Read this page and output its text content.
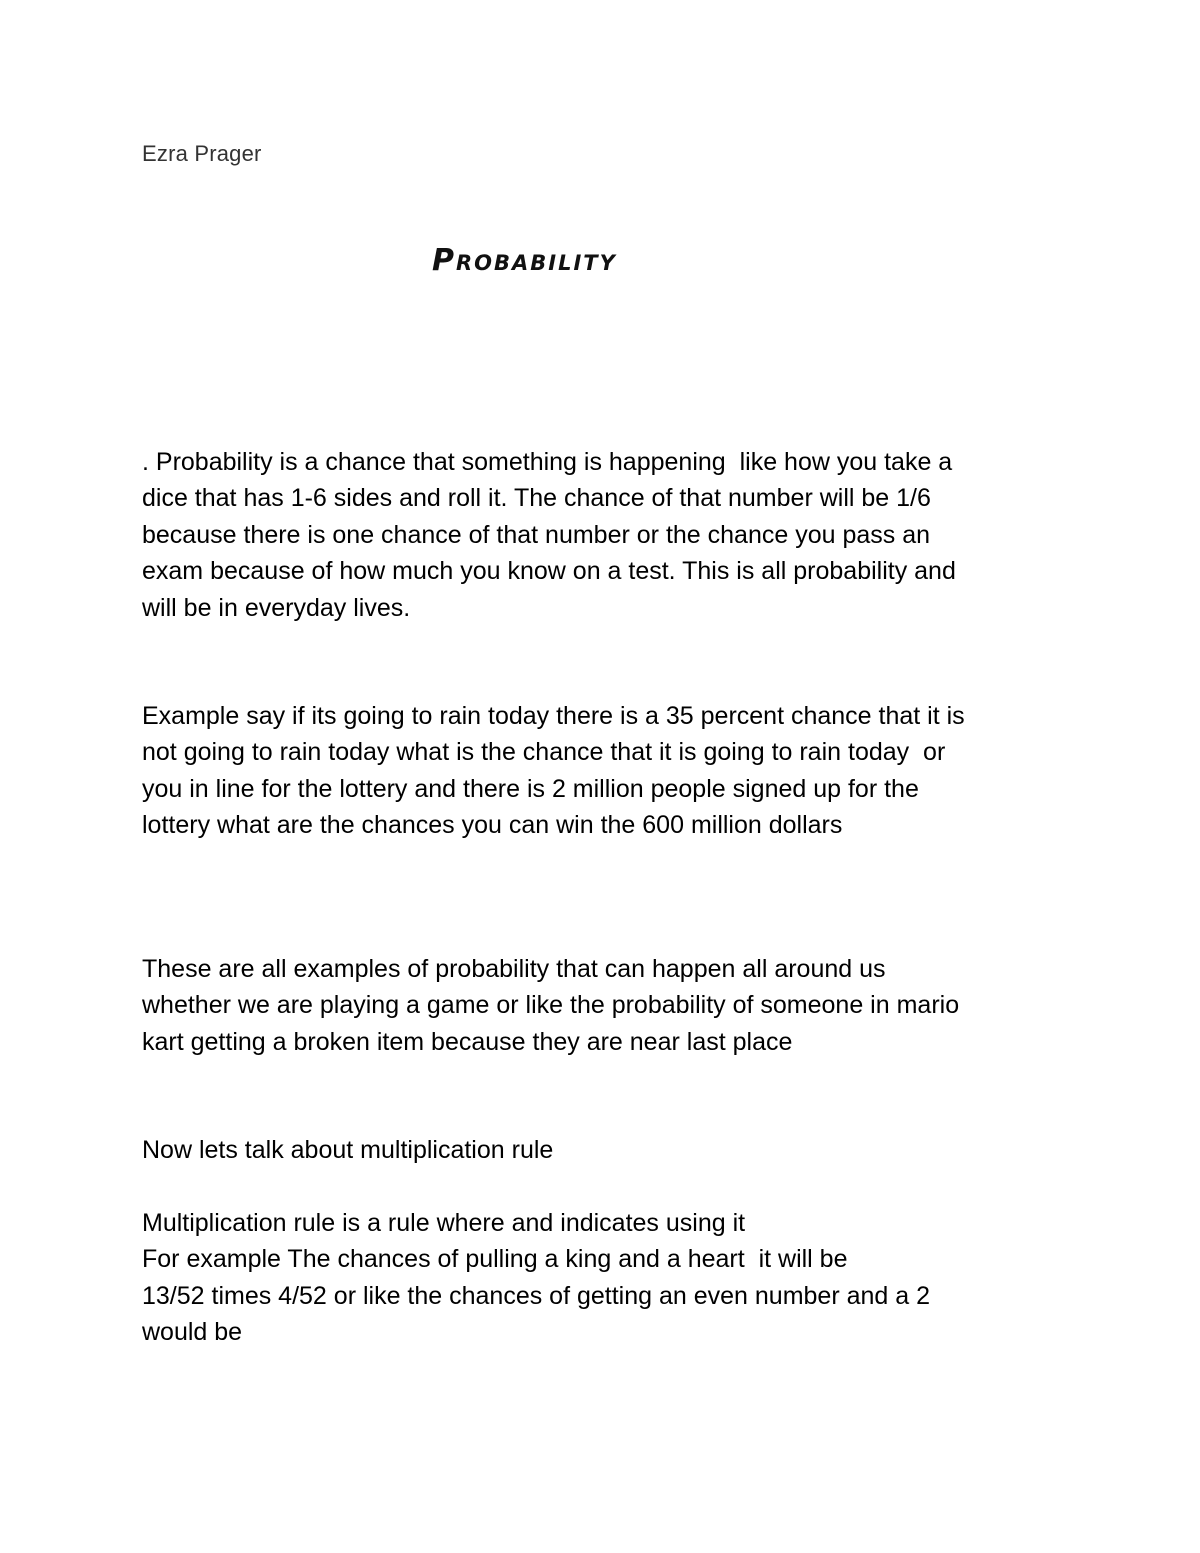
Ezra Prager
Probability

. Probability is a chance that something is happening  like how you take a
dice that has 1-6 sides and roll it. The chance of that number will be 1/6
because there is one chance of that number or the chance you pass an
exam because of how much you know on a test. This is all probability and
will be in everyday lives.

Example say if its going to rain today there is a 35 percent chance that it is
not going to rain today what is the chance that it is going to rain today  or
you in line for the lottery and there is 2 million people signed up for the
lottery what are the chances you can win the 600 million dollars

These are all examples of probability that can happen all around us
whether we are playing a game or like the probability of someone in mario
kart getting a broken item because they are near last place

Now lets talk about multiplication rule

Multiplication rule is a rule where and indicates using it
For example The chances of pulling a king and a heart  it will be
13/52 times 4/52 or like the chances of getting an even number and a 2
would be
